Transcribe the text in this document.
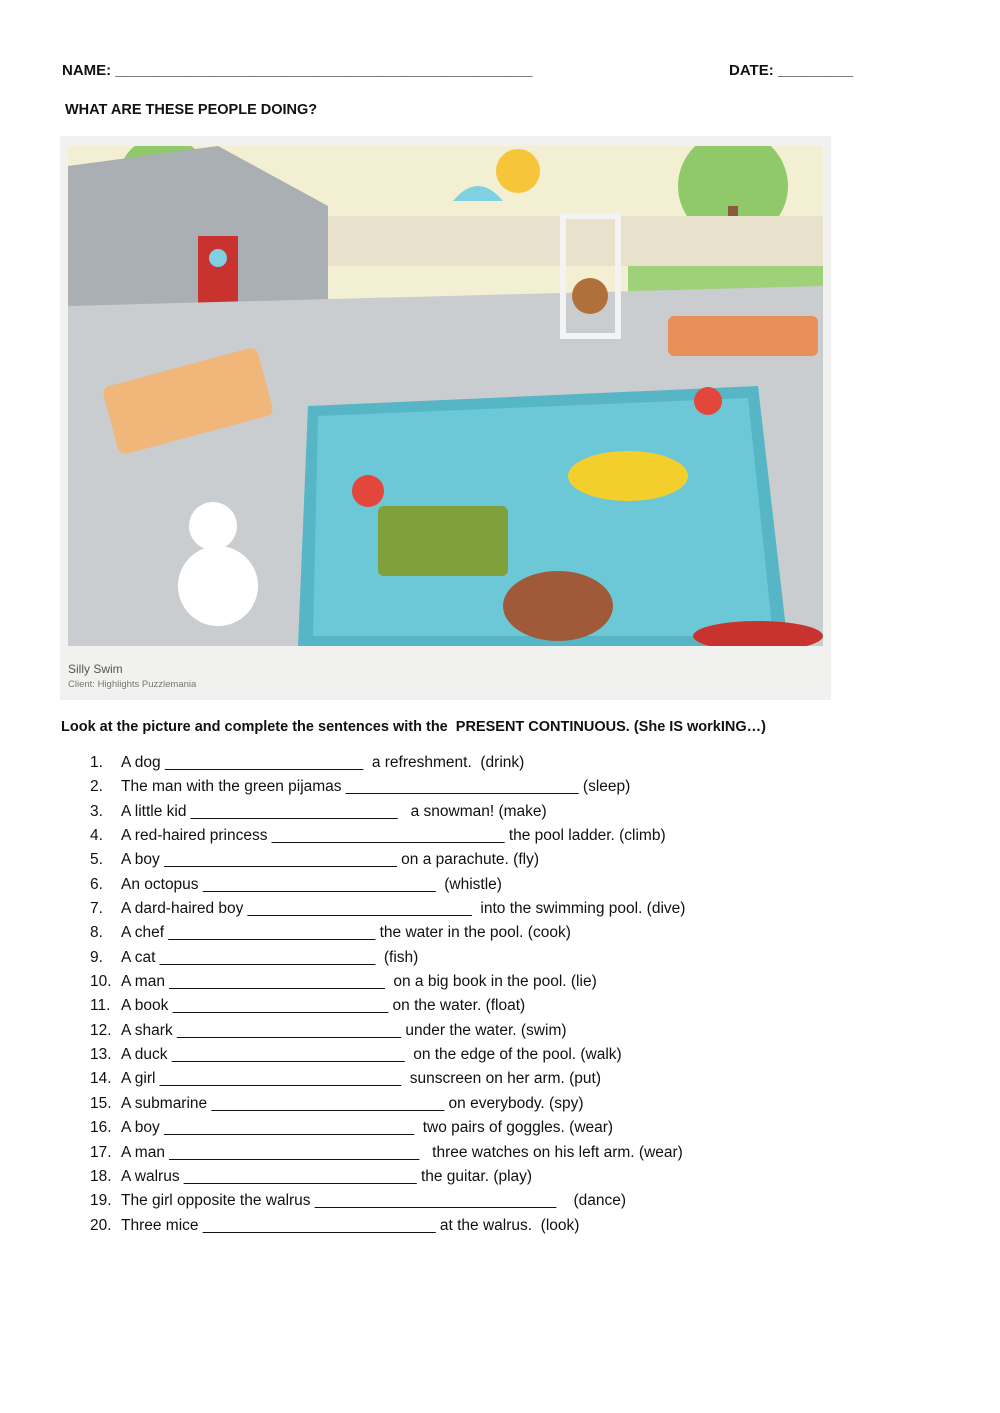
NAME: __________________________________________________	DATE: _________
WHAT ARE THESE PEOPLE DOING?
Silly Swim
Client: Highlights Puzzlemania
Look at the picture and complete the sentences with the  PRESENT CONTINUOUS. (She IS workING…)
1.	A dog _______________________  a refreshment.  (drink)
2.	The man with the green pijamas ___________________________ (sleep)
3.	A little kid ________________________   a snowman! (make)
4.	A red-haired princess ___________________________ the pool ladder. (climb)
5.	A boy ___________________________ on a parachute. (fly)
6.	An octopus ___________________________  (whistle)
7.	A dard-haired boy __________________________  into the swimming pool. (dive)
8.	A chef ________________________ the water in the pool. (cook)
9.	A cat _________________________  (fish)
10. A man _________________________  on a big book in the pool. (lie)
11. A book _________________________ on the water. (float)
12. A shark __________________________ under the water. (swim)
13. A duck ___________________________  on the edge of the pool. (walk)
14. A girl ____________________________  sunscreen on her arm. (put)
15. A submarine ___________________________ on everybody. (spy)
16. A boy _____________________________  two pairs of goggles. (wear)
17. A man _____________________________   three watches on his left arm. (wear)
18. A walrus ___________________________ the guitar. (play)
19. The girl opposite the walrus ____________________________    (dance)
20. Three mice ___________________________ at the walrus.  (look)
